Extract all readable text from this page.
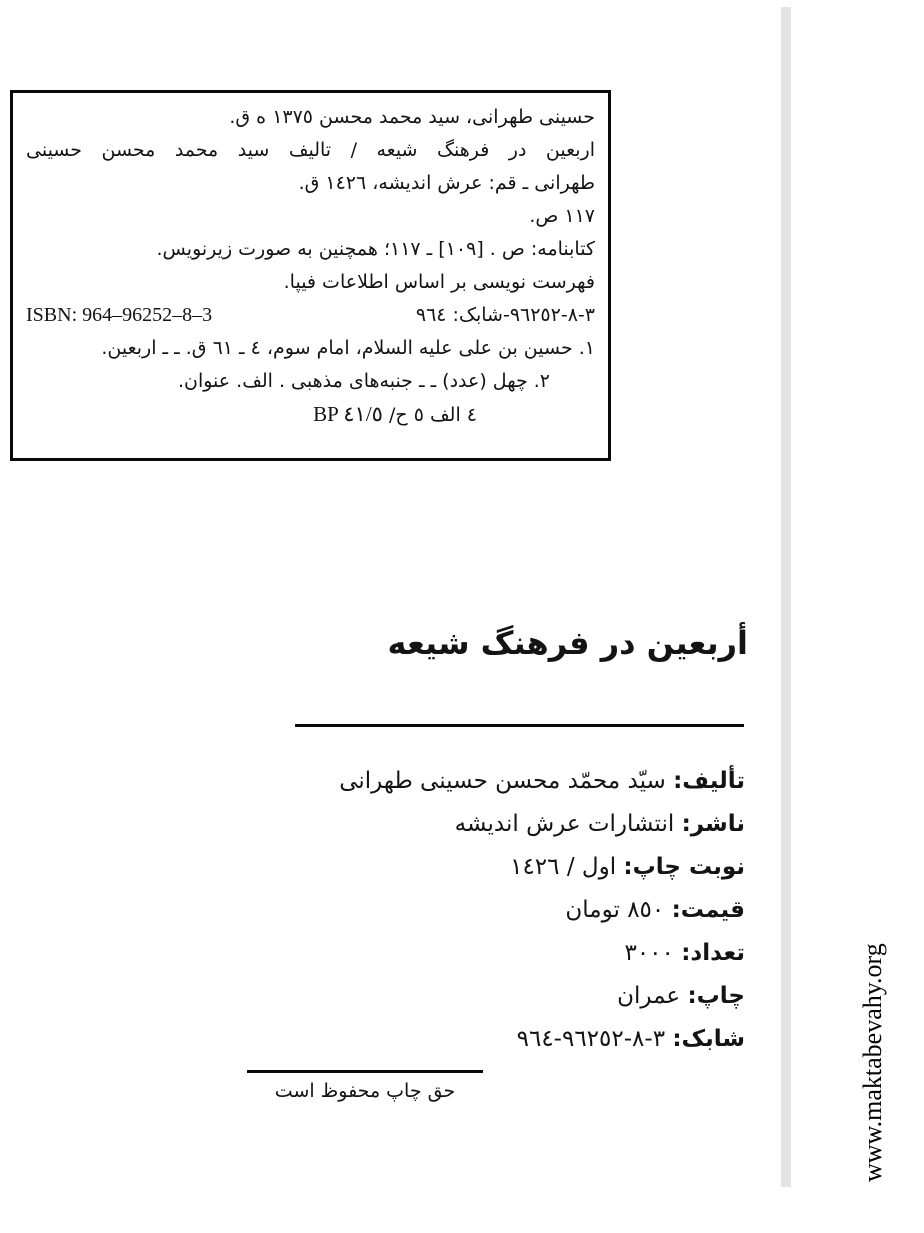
حسينى طهرانى، سيد محمد محسن ١٣٧٥ ه ق.
اربعين در فرهنگ شيعه / تاليف سيد محمد محسن حسينى
طهرانى ـ قم: عرش انديشه، ١٤٢٦ ق.
١١٧ ص.
كتابنامه: ص . [١٠٩] ـ ١١٧؛ همچنين به صورت زيرنويس.
فهرست نويسى بر اساس اطلاعات فيپا.
ISBN: 964–96252–8–3	شابک: ٩٦٤‎-‎٩٦٢٥٢‎-‎٨‎-‎٣
١. حسين بن على عليه السلام، امام سوم، ٤ ـ ٦١ ق. ـ ـ اربعين.
٢. چهل (عدد) ـ ـ جنبه‌هاى مذهبى . الف. عنوان.
BP ٤١/٥ ٤ الف ٥ ح/
أربعين در فرهنگ شيعه
تأليف: سيّد محمّد محسن حسينى طهرانى
ناشر: انتشارات عرش انديشه
نوبت چاپ: اول / ١٤٢٦
قيمت: ٨٥٠ تومان
تعداد: ٣٠٠٠
چاپ: عمران
شابک: ٩٦٤‎-‎٩٦٢٥٢‎-‎٨‎-‎٣
حق چاپ محفوظ است	www.maktabevahy.org
